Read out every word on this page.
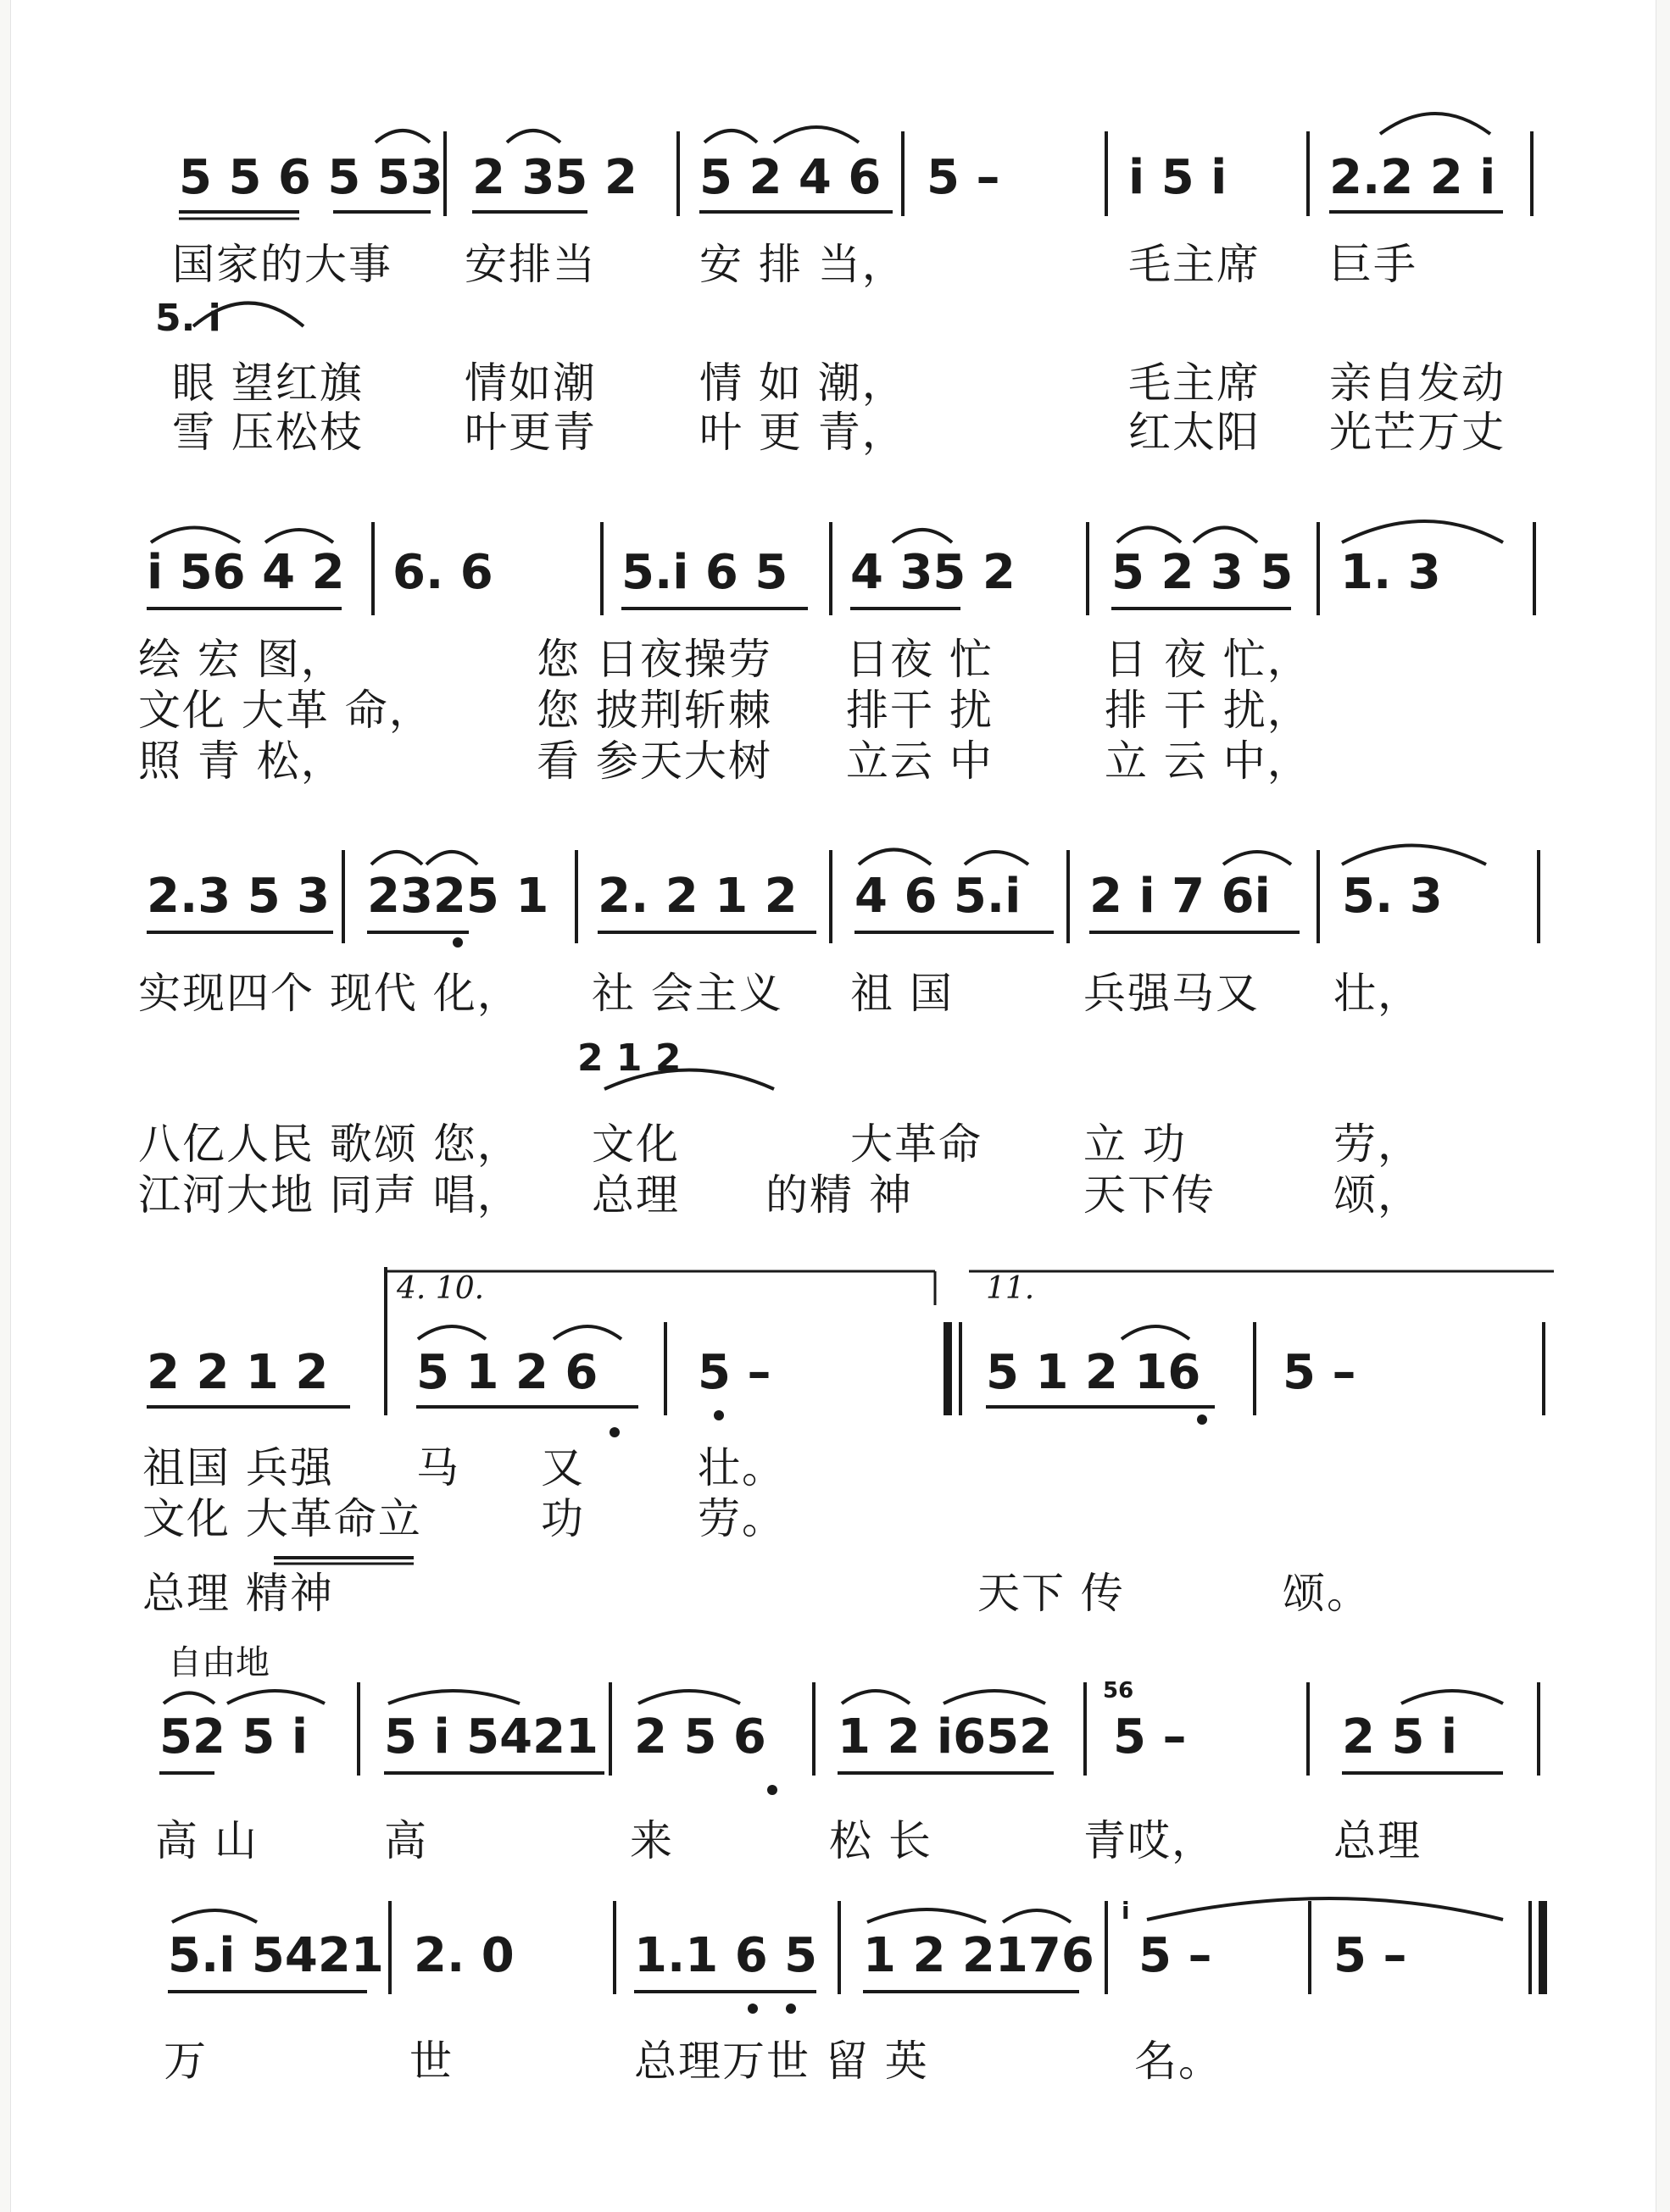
5 5 6 5 53 2 35 2 5 2 4 6 5 –	i 5 i 2.2 2 i
国家的大事 安排当 安 排 当，	毛主席 巨手
5. i
眼 望红旗 情如潮 情 如 潮，	毛主席 亲自发动
雪 压松枝 叶更青 叶 更 青，	红太阳 光芒万丈
i 56 4 2 6. 6	5.i 6 5 4 35 2 5 2 3 5 1. 3
绘 宏 图，	您 日夜操劳 日夜 忙	日 夜 忙，
文化 大革 命， 您 披荆斩棘 排干 扰	排 干 扰，
照 青 松，	看 参天大树 立云 中	立 云 中，
2.3 5 3 2325 1 2. 2 1 2 4 6 5.i 2 i 7 6i 5. 3
实现四个 现代 化， 社 会主义 祖 国	兵强马又 壮，
2 1 2
八亿人民 歌颂 您， 文化	大革命 立 功	劳，
江河大地 同声 唱， 总理 的精 神	天下传	颂，
4. 10.	11.
2 2 1 2 5 1 2 6 5 –	5 1 2 16 5 –
祖国 兵强 马 又	壮。
文化 大革命立	功	劳。
总理 精神	天下 传	颂。
自由地
56
52 5 i 5 i 5421 2 5 6 1 2 i652 5 –	2 5 i
高 山	高	来	松 长	青哎，	总理
i
5.i 5421 2. 0	1.1 6 5 1 2 2176 5 –	5 –
万	世	总理万世 留 英	名。
